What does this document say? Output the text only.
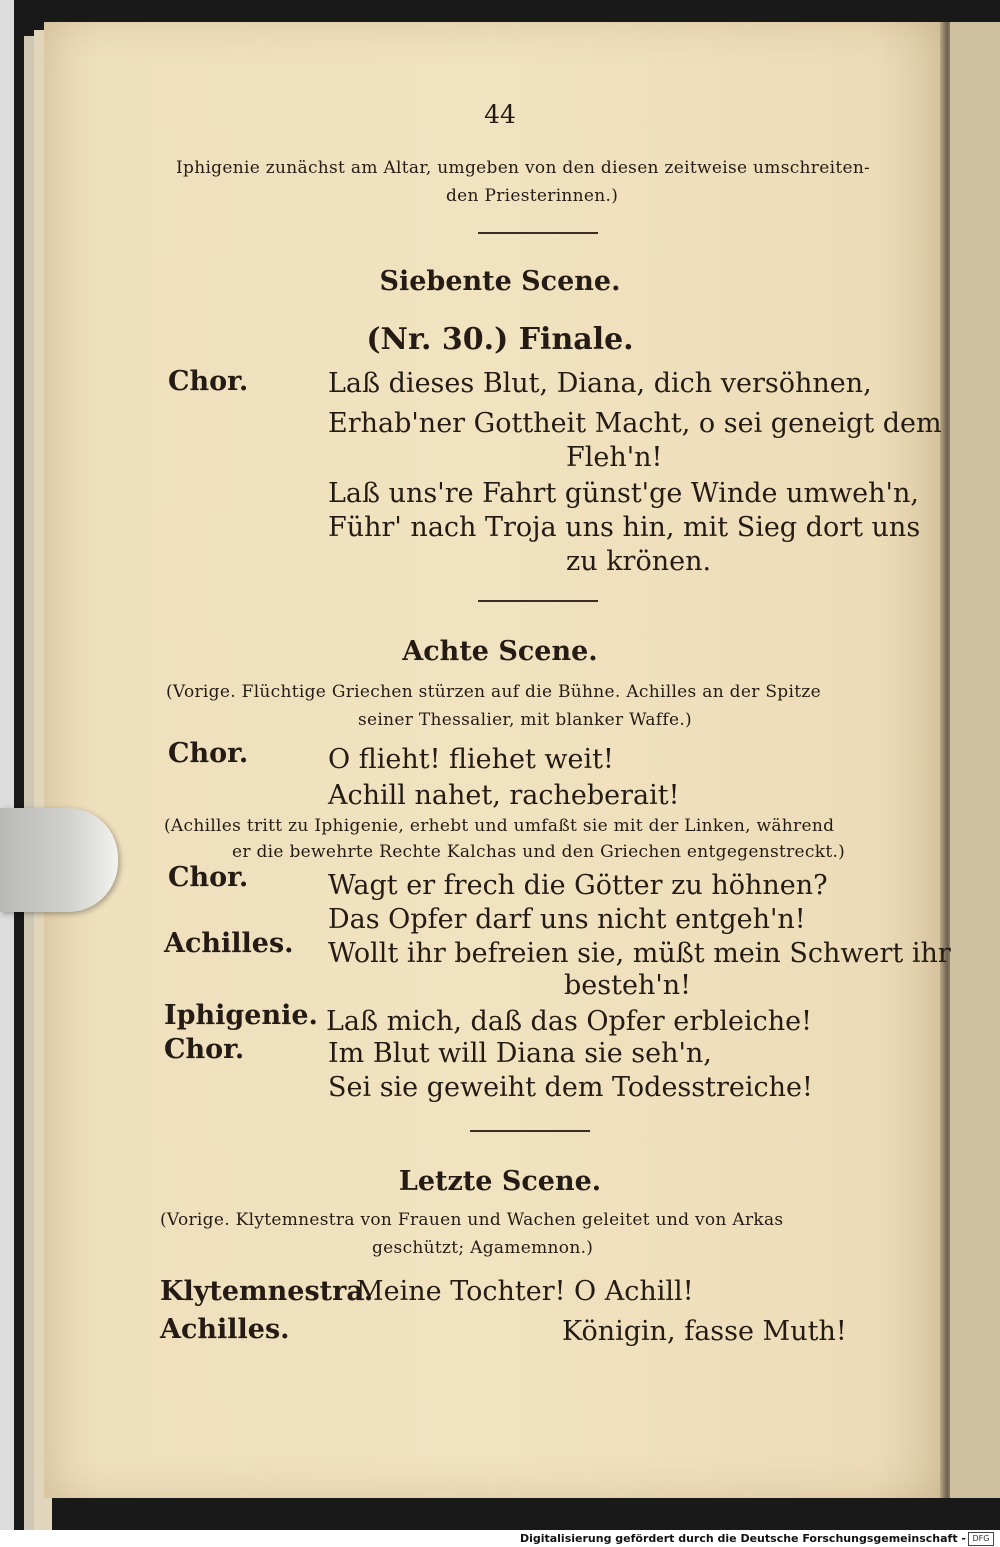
44
Iphigenie zunächst am Altar, umgeben von den diesen zeitweise umschreiten-
den Priesterinnen.)
Siebente Scene.
(Nr. 30.) Finale.
Chor.	Laß dieses Blut, Diana, dich versöhnen,
Erhab'ner Gottheit Macht, o sei geneigt dem
Fleh'n!
Laß uns're Fahrt günst'ge Winde umweh'n,
Führ' nach Troja uns hin, mit Sieg dort uns
zu krönen.
Achte Scene.
(Vorige. Flüchtige Griechen stürzen auf die Bühne. Achilles an der Spitze
seiner Thessalier, mit blanker Waffe.)
Chor.	O flieht! fliehet weit!
Achill nahet, racheberait!
(Achilles tritt zu Iphigenie, erhebt und umfaßt sie mit der Linken, während
er die bewehrte Rechte Kalchas und den Griechen entgegenstreckt.)
Chor.	Wagt er frech die Götter zu höhnen?
Das Opfer darf uns nicht entgeh'n!
Achilles. Wollt ihr befreien sie, müßt mein Schwert ihr
besteh'n!
Iphigenie. Laß mich, daß das Opfer erbleiche!
Chor.	Im Blut will Diana sie seh'n,
Sei sie geweiht dem Todesstreiche!
Letzte Scene.
(Vorige. Klytemnestra von Frauen und Wachen geleitet und von Arkas
geschützt; Agamemnon.)
Klytemnestra.
Meine Tochter! O Achill!
Achilles.	Königin, fasse Muth!
Digitalisierung gefördert durch die Deutsche Forschungsgemeinschaft - DFG
